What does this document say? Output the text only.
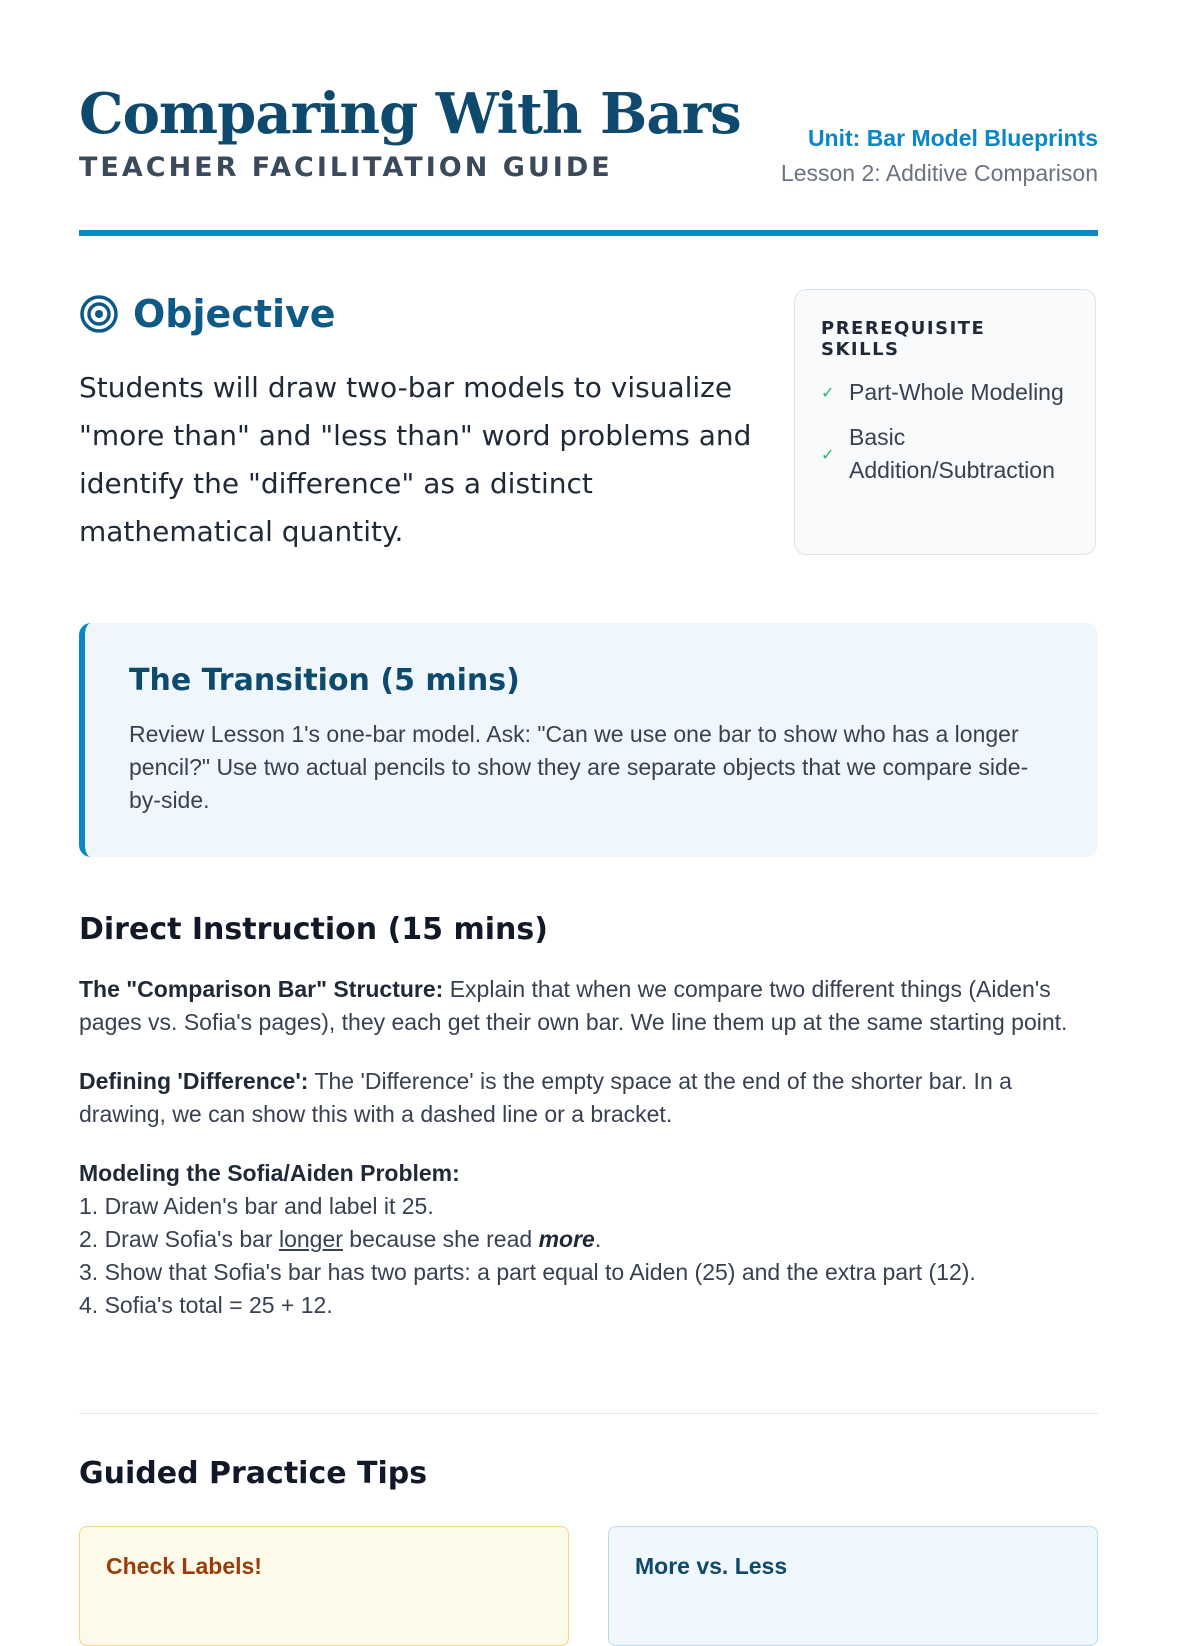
Comparing With Bars
TEACHER FACILITATION GUIDE
Unit: Bar Model Blueprints
Lesson 2: Additive Comparison
Objective
Students will draw two-bar models to visualize "more than" and "less than" word problems and identify the "difference" as a distinct mathematical quantity.
PREREQUISITE SKILLS
✓ Part-Whole Modeling
✓
Basic Addition/Subtraction
The Transition (5 mins)
Review Lesson 1's one-bar model. Ask: "Can we use one bar to show who has a longer pencil?" Use two actual pencils to show they are separate objects that we compare side-by-side.
Direct Instruction (15 mins)
The "Comparison Bar" Structure: Explain that when we compare two different things (Aiden's pages vs. Sofia's pages), they each get their own bar. We line them up at the same starting point.
Defining 'Difference': The 'Difference' is the empty space at the end of the shorter bar. In a drawing, we can show this with a dashed line or a bracket.
Modeling the Sofia/Aiden Problem:
1. Draw Aiden's bar and label it 25.
2. Draw Sofia's bar longer because she read more.
3. Show that Sofia's bar has two parts: a part equal to Aiden (25) and the extra part (12).
4. Sofia's total = 25 + 12.
Guided Practice Tips
Check Labels!	More vs. Less
